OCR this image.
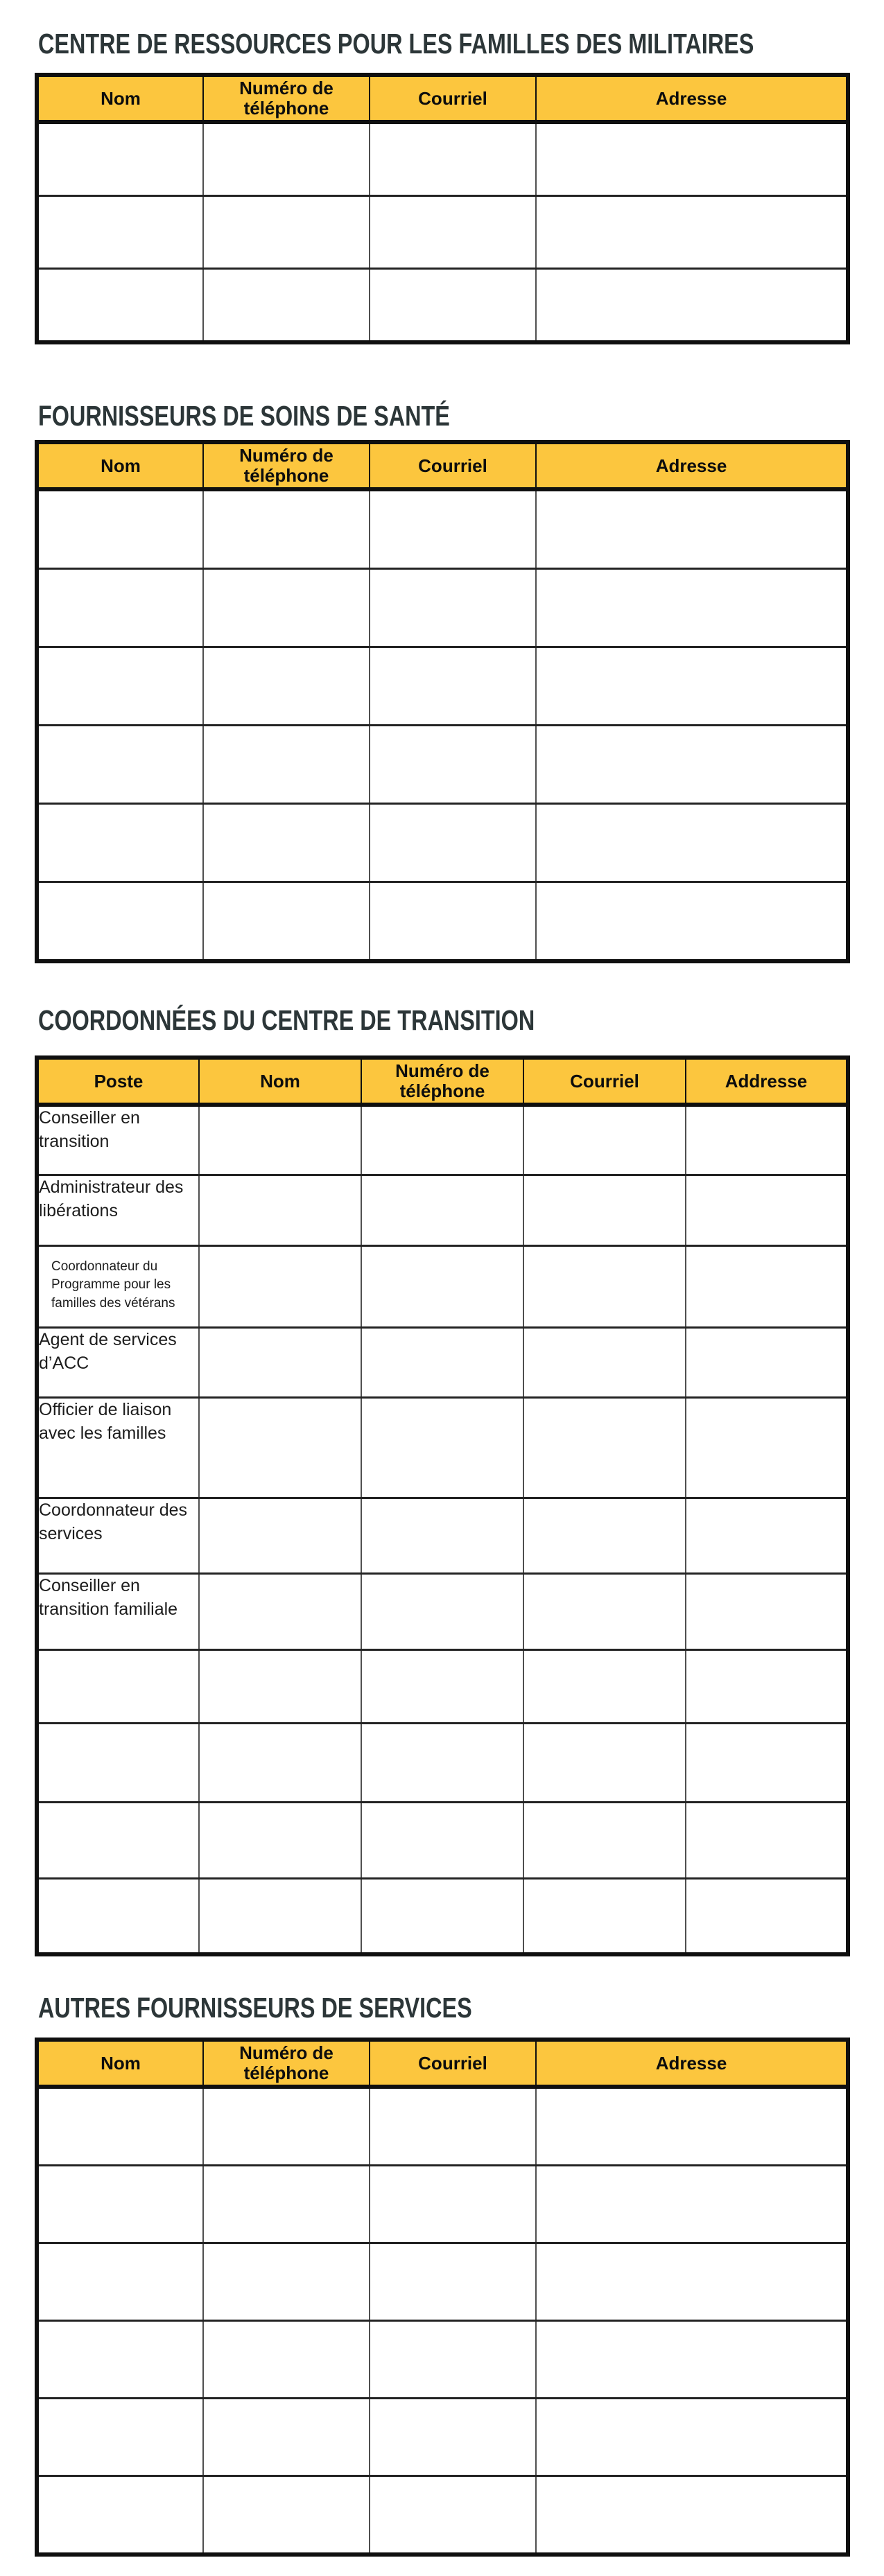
CENTRE DE RESSOURCES POUR LES FAMILLES DES MILITAIRES
Nom	Numéro de téléphone	Courriel	Adresse

FOURNISSEURS DE SOINS DE SANTÉ
Nom	Numéro de téléphone	Courriel	Adresse

COORDONNÉES DU CENTRE DE TRANSITION
Poste	Nom	Numéro de téléphone	Courriel	Addresse
Conseiller en transition				
Administrateur des libérations				
Coordonnateur du Programme pour les familles des vétérans				
Agent de services d’ACC				
Officier de liaison avec les familles				
Coordonnateur des services				
Conseiller en transition familiale				

AUTRES FOURNISSEURS DE SERVICES
Nom	Numéro de téléphone	Courriel	Adresse
